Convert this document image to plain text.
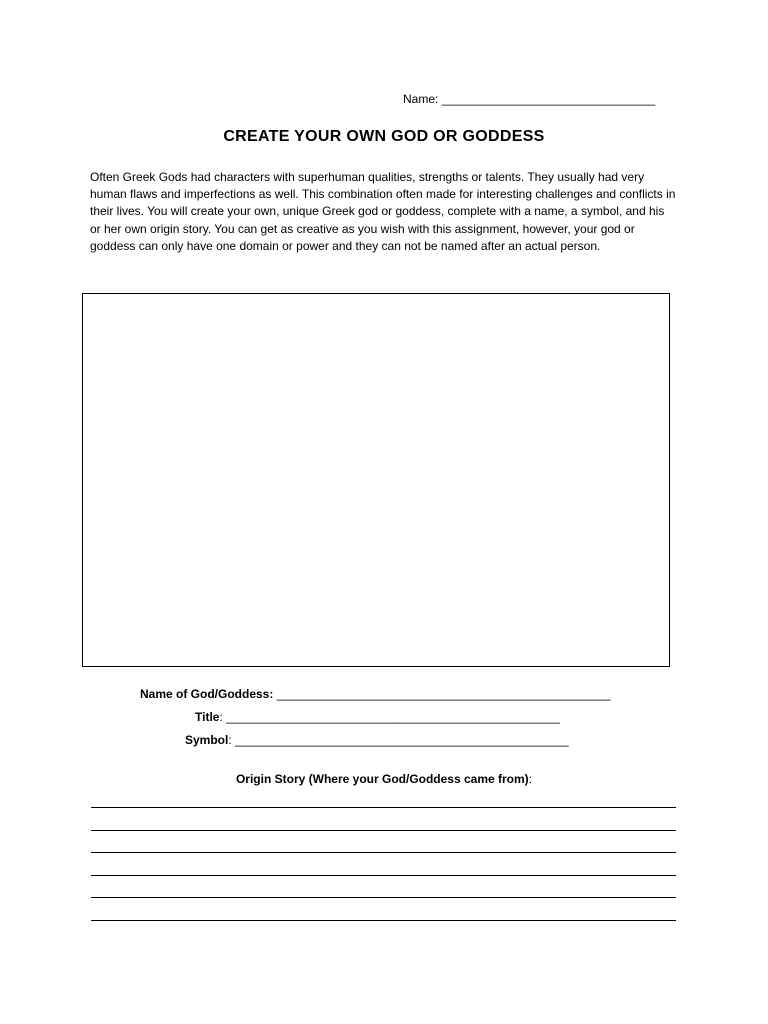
Name: ________________________________
CREATE YOUR OWN GOD OR GODDESS

Often Greek Gods had characters with superhuman qualities, strengths or talents. They usually had very human flaws and imperfections as well. This combination often made for interesting challenges and conflicts in their lives. You will create your own, unique Greek god or goddess, complete with a name, a symbol, and his or her own origin story. You can get as creative as you wish with this assignment, however, your god or goddess can only have one domain or power and they can not be named after an actual person.

Name of God/Goddess: __________________________________________________
Title: __________________________________________________
Symbol: __________________________________________________
Origin Story (Where your God/Goddess came from):
